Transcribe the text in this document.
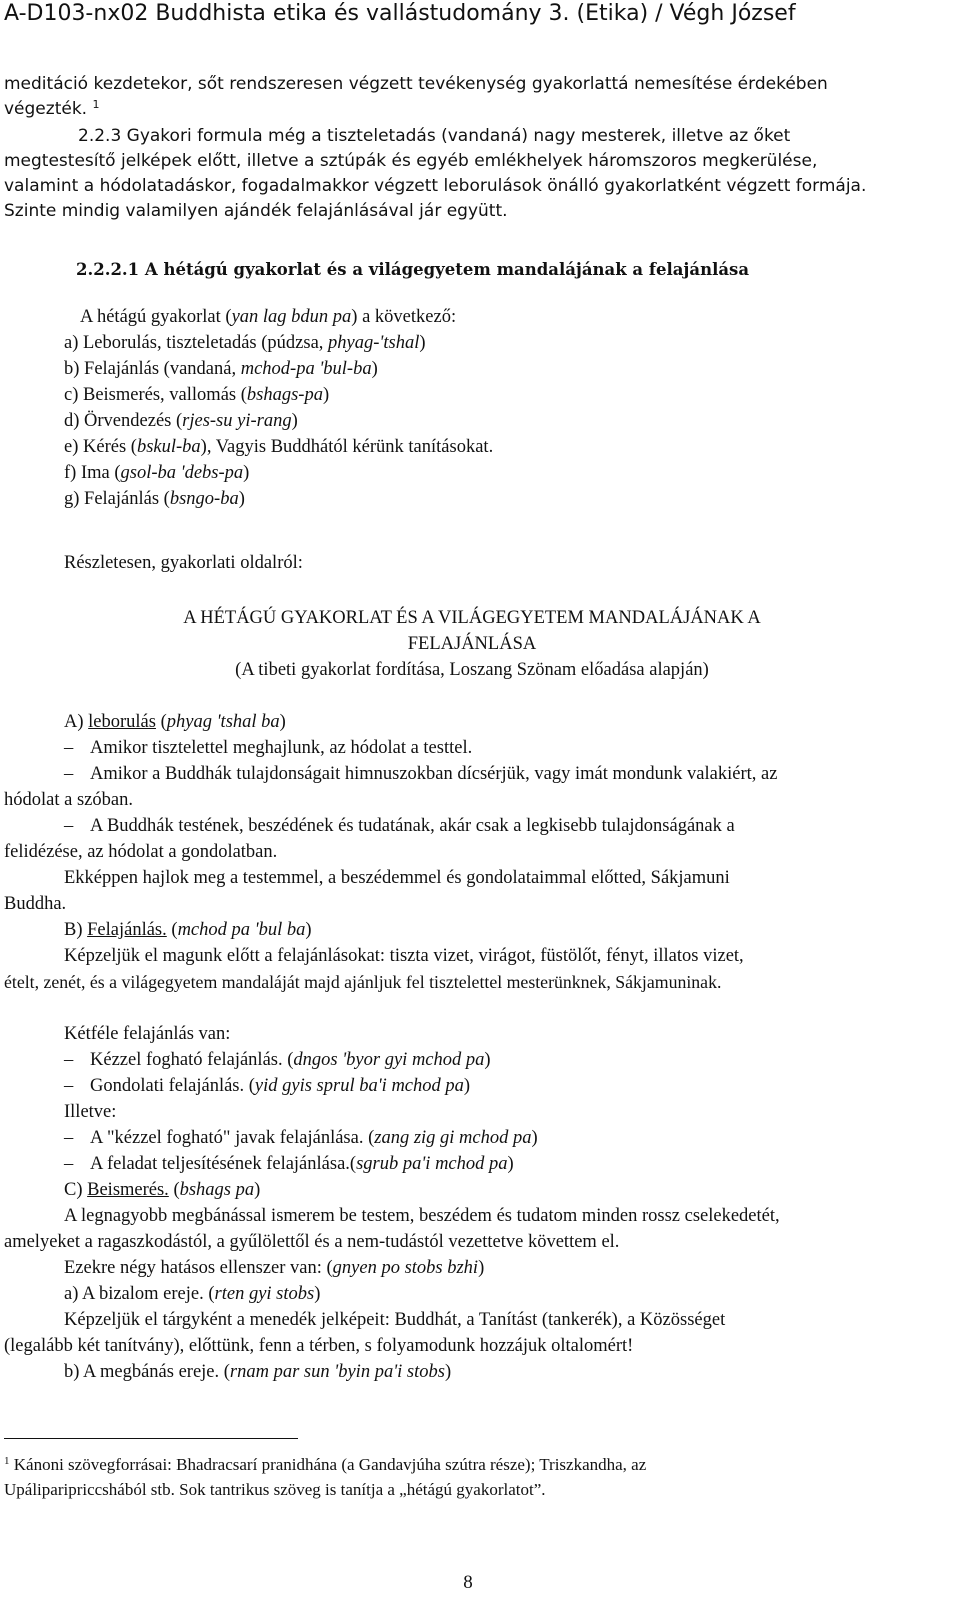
A-D103-nx02 Buddhista etika és vallástudomány 3. (Etika) / Végh József
meditáció kezdetekor, sőt rendszeresen végzett tevékenység gyakorlattá nemesítése érdekében
végezték. $^1$
2.2.3 Gyakori formula még a tiszteletadás (vandaná) nagy mesterek, illetve az őket
megtestesítő jelképek előtt, illetve a sztúpák és egyéb emlékhelyek háromszoros megkerülése,
valamint a hódolatadáskor, fogadalmakkor végzett leborulások önálló gyakorlatként végzett formája.
Szinte mindig valamilyen ajándék felajánlásával jár együtt.
2.2.2.1 A hétágú gyakorlat és a világegyetem mandalájának a felajánlása
A hétágú gyakorlat (yan lag bdun pa) a következő:
a) Leborulás, tiszteletadás (púdzsa, phyag-'tshal)
b) Felajánlás (vandaná, mchod-pa 'bul-ba)
c) Beismerés, vallomás (bshags-pa)
d) Örvendezés (rjes-su yi-rang)
e) Kérés (bskul-ba), Vagyis Buddhától kérünk tanításokat.
f) Ima (gsol-ba 'debs-pa)
g) Felajánlás (bsngo-ba)
Részletesen, gyakorlati oldalról:
A HÉTÁGÚ GYAKORLAT ÉS A VILÁGEGYETEM MANDALÁJÁNAK A
FELAJÁNLÁSA
(A tibeti gyakorlat fordítása, Loszang Szönam előadása alapján)
A) leborulás (phyag 'tshal ba)
– Amikor tisztelettel meghajlunk, az hódolat a testtel.
– Amikor a Buddhák tulajdonságait himnuszokban dícsérjük, vagy imát mondunk valakiért, az
hódolat a szóban.
– A Buddhák testének, beszédének és tudatának, akár csak a legkisebb tulajdonságának a
felidézése, az hódolat a gondolatban.
Ekképpen hajlok meg a testemmel, a beszédemmel és gondolataimmal előtted, Sákjamuni
Buddha.
B) Felajánlás. (mchod pa 'bul ba)
Képzeljük el magunk előtt a felajánlásokat: tiszta vizet, virágot, füstölőt, fényt, illatos vizet,
ételt, zenét, és a világegyetem mandaláját majd ajánljuk fel tisztelettel mesterünknek, Sákjamuninak.
Kétféle felajánlás van:
– Kézzel fogható felajánlás. (dngos 'byor gyi mchod pa)
– Gondolati felajánlás. (yid gyis sprul ba'i mchod pa)
Illetve:
– A "kézzel fogható" javak felajánlása. (zang zig gi mchod pa)
– A feladat teljesítésének felajánlása.(sgrub pa'i mchod pa)
C) Beismerés. (bshags pa)
A legnagyobb megbánással ismerem be testem, beszédem és tudatom minden rossz cselekedetét,
amelyeket a ragaszkodástól, a gyűlölettől és a nem-tudástól vezettetve követtem el.
Ezekre négy hatásos ellenszer van: (gnyen po stobs bzhi)
a) A bizalom ereje. (rten gyi stobs)
Képzeljük el tárgyként a menedék jelképeit: Buddhát, a Tanítást (tankerék), a Közösséget
(legalább két tanítvány), előttünk, fenn a térben, s folyamodunk hozzájuk oltalomért!
b) A megbánás ereje. (rnam par sun 'byin pa'i stobs)
$^1$ Kánoni szövegforrásai: Bhadracsarí pranidhána (a Gandavjúha szútra része); Triszkandha, az
Upáliparipriccshából stb. Sok tantrikus szöveg is tanítja a „hétágú gyakorlatot”.
8
